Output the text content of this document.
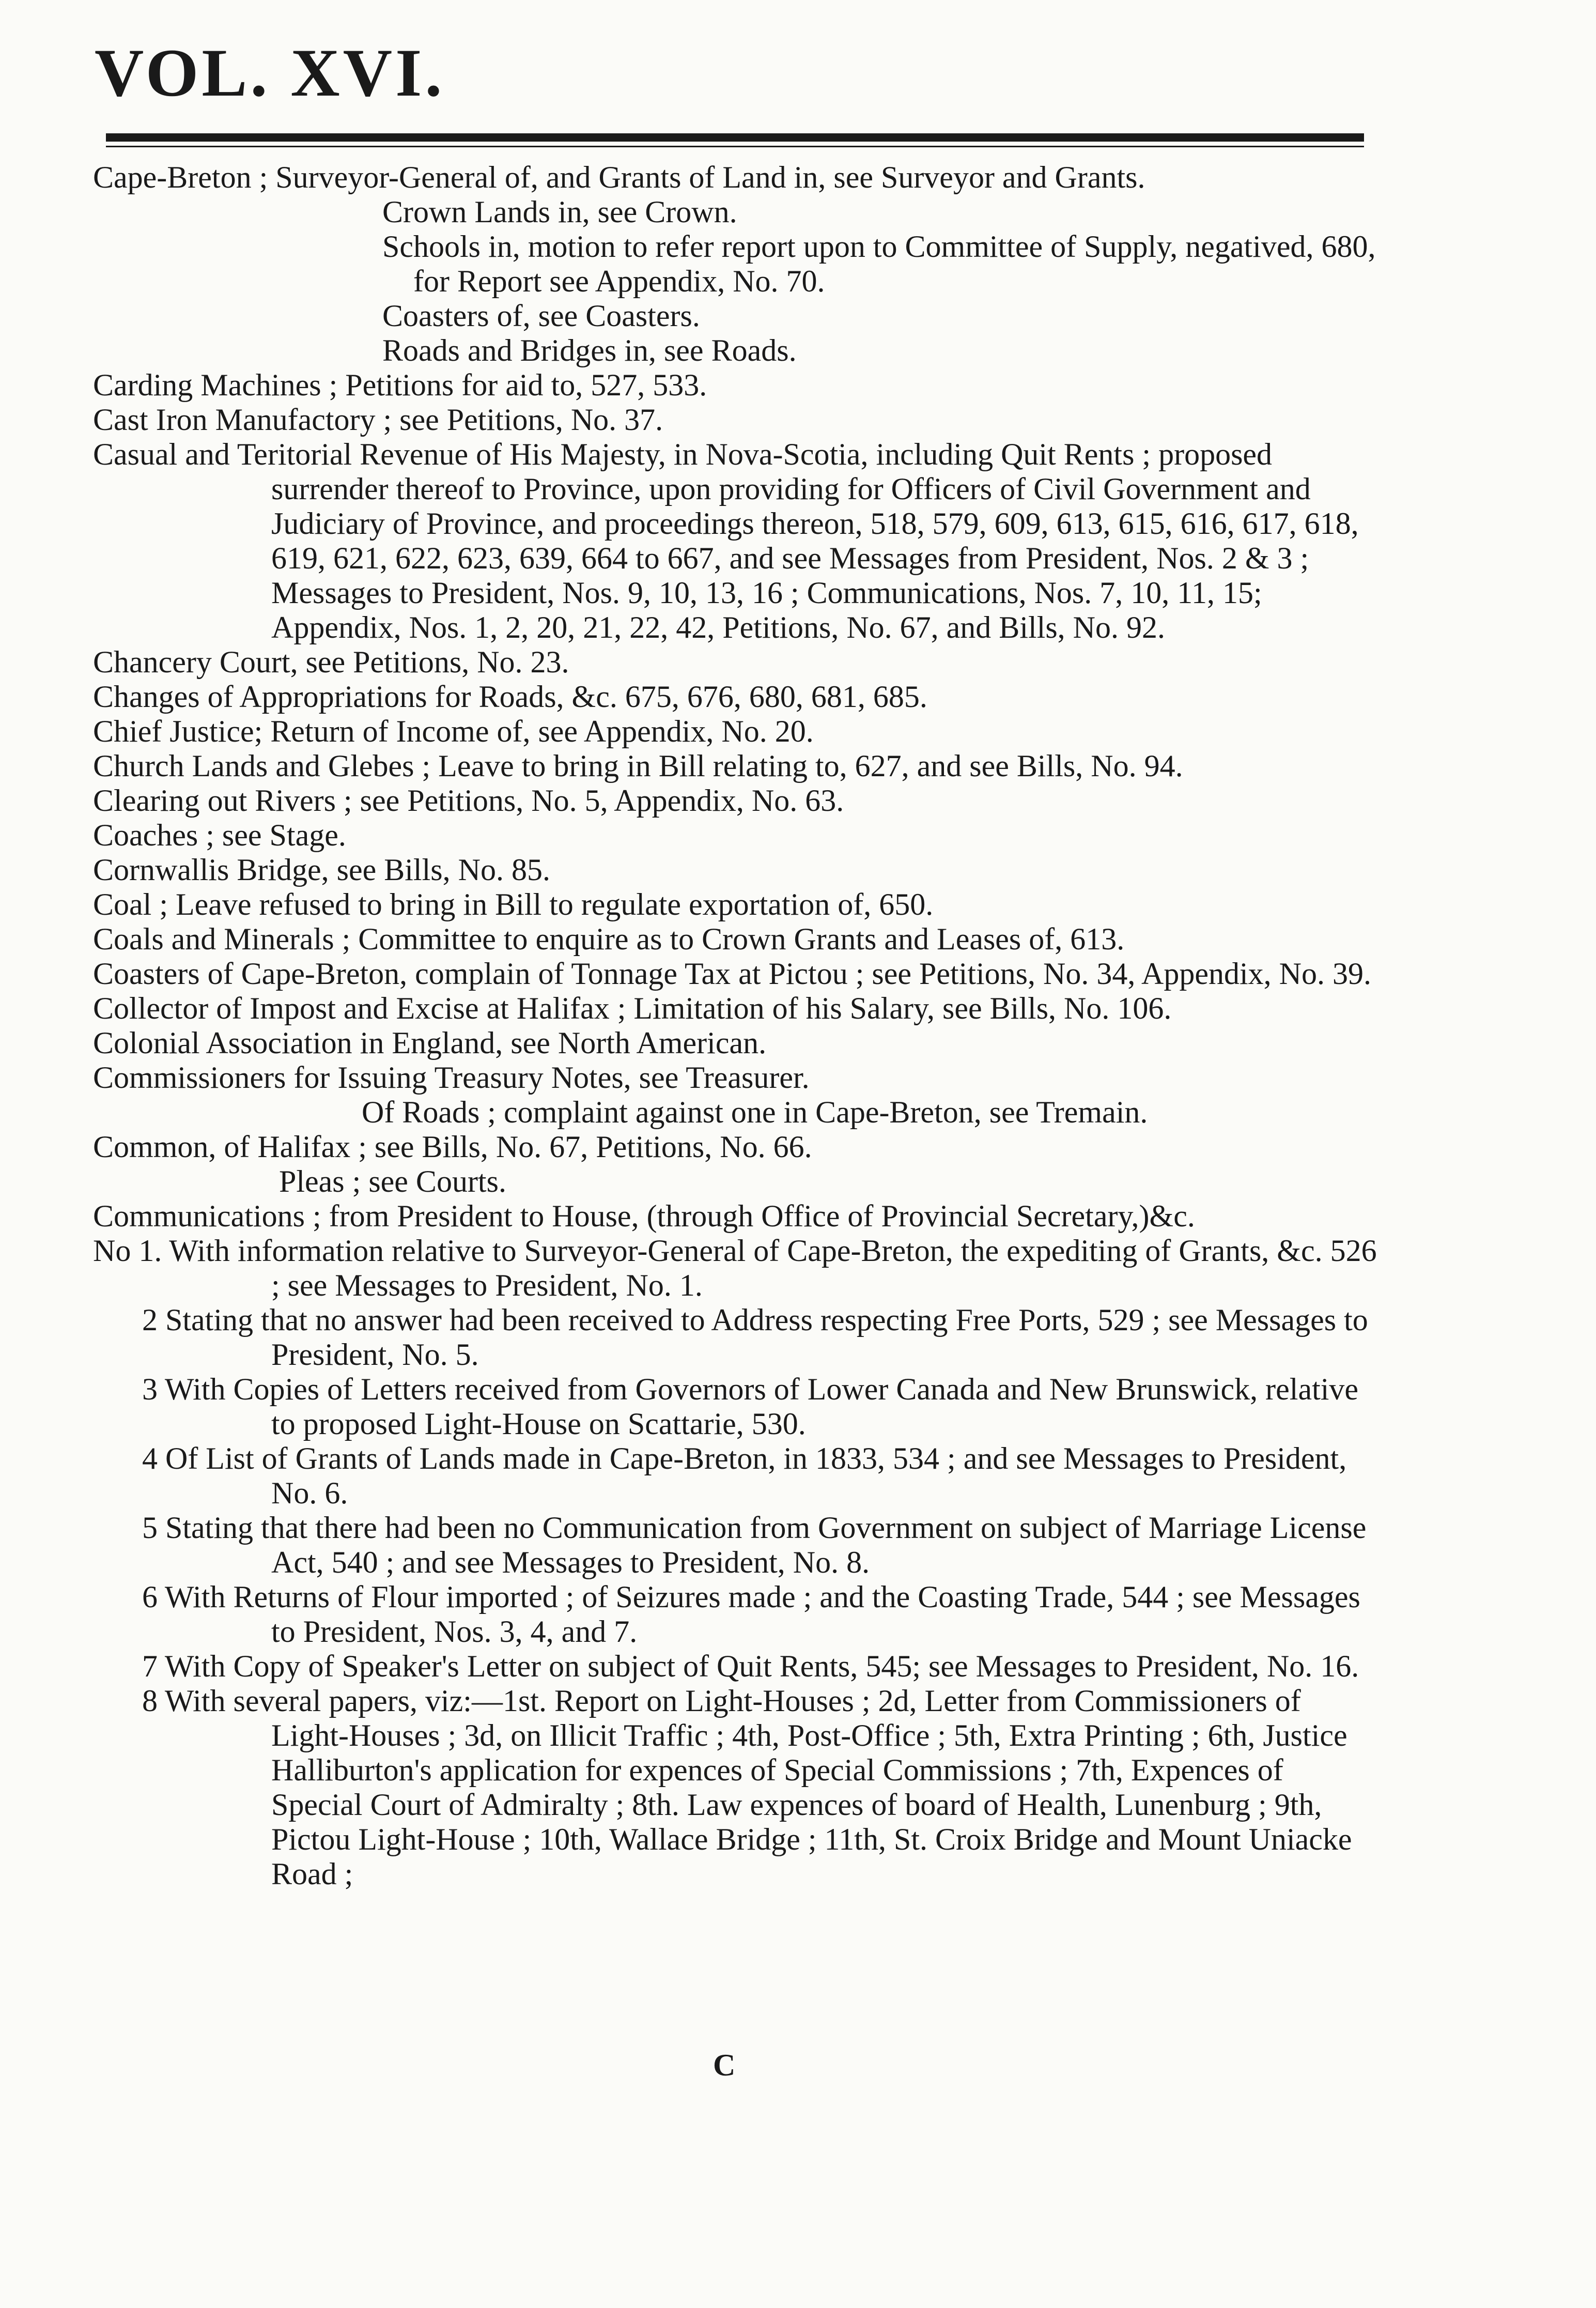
VOL. XVI.

Cape-Breton ; Surveyor-General of, and Grants of Land in, see Surveyor and Grants.

Crown Lands in, see Crown.

Schools in, motion to refer report upon to Committee of Supply, negatived, 680, for Report see Appendix, No. 70.

Coasters of, see Coasters.

Roads and Bridges in, see Roads.

Carding Machines ; Petitions for aid to, 527, 533.

Cast Iron Manufactory ; see Petitions, No. 37.

Casual and Teritorial Revenue of His Majesty, in Nova-Scotia, including Quit Rents ; proposed surrender thereof to Province, upon providing for Officers of Civil Government and Judiciary of Province, and proceedings thereon, 518, 579, 609, 613, 615, 616, 617, 618, 619, 621, 622, 623, 639, 664 to 667, and see Messages from President, Nos. 2 & 3 ; Messages to President, Nos. 9, 10, 13, 16 ; Communications, Nos. 7, 10, 11, 15; Appendix, Nos. 1, 2, 20, 21, 22, 42, Petitions, No. 67, and Bills, No. 92.

Chancery Court, see Petitions, No. 23.

Changes of Appropriations for Roads, &c. 675, 676, 680, 681, 685.

Chief Justice; Return of Income of, see Appendix, No. 20.

Church Lands and Glebes ; Leave to bring in Bill relating to, 627, and see Bills, No. 94.

Clearing out Rivers ; see Petitions, No. 5, Appendix, No. 63.

Coaches ; see Stage.

Cornwallis Bridge, see Bills, No. 85.

Coal ; Leave refused to bring in Bill to regulate exportation of, 650.

Coals and Minerals ; Committee to enquire as to Crown Grants and Leases of, 613.

Coasters of Cape-Breton, complain of Tonnage Tax at Pictou ; see Petitions, No. 34, Appendix, No. 39.

Collector of Impost and Excise at Halifax ; Limitation of his Salary, see Bills, No. 106.

Colonial Association in England, see North American.

Commissioners for Issuing Treasury Notes, see Treasurer.

Of Roads ; complaint against one in Cape-Breton, see Tremain.

Common, of Halifax ; see Bills, No. 67, Petitions, No. 66.

Pleas ; see Courts.

Communications ; from President to House, (through Office of Provincial Secretary,)&c.

No 1. With information relative to Surveyor-General of Cape-Breton, the expediting of Grants, &c. 526 ; see Messages to President, No. 1.

2 Stating that no answer had been received to Address respecting Free Ports, 529 ; see Messages to President, No. 5.

3 With Copies of Letters received from Governors of Lower Canada and New Brunswick, relative to proposed Light-House on Scattarie, 530.

4 Of List of Grants of Lands made in Cape-Breton, in 1833, 534 ; and see Messages to President, No. 6.

5 Stating that there had been no Communication from Government on subject of Marriage License Act, 540 ; and see Messages to President, No. 8.

6 With Returns of Flour imported ; of Seizures made ; and the Coasting Trade, 544 ; see Messages to President, Nos. 3, 4, and 7.

7 With Copy of Speaker's Letter on subject of Quit Rents, 545; see Messages to President, No. 16.

8 With several papers, viz:—1st. Report on Light-Houses ; 2d, Letter from Commissioners of Light-Houses ; 3d, on Illicit Traffic ; 4th, Post-Office ; 5th, Extra Printing ; 6th, Justice Halliburton's application for expences of Special Commissions ; 7th, Expences of Special Court of Admiralty ; 8th. Law expences of board of Health, Lunenburg ; 9th, Pictou Light-House ; 10th, Wallace Bridge ; 11th, St. Croix Bridge and Mount Uniacke Road ;

C
